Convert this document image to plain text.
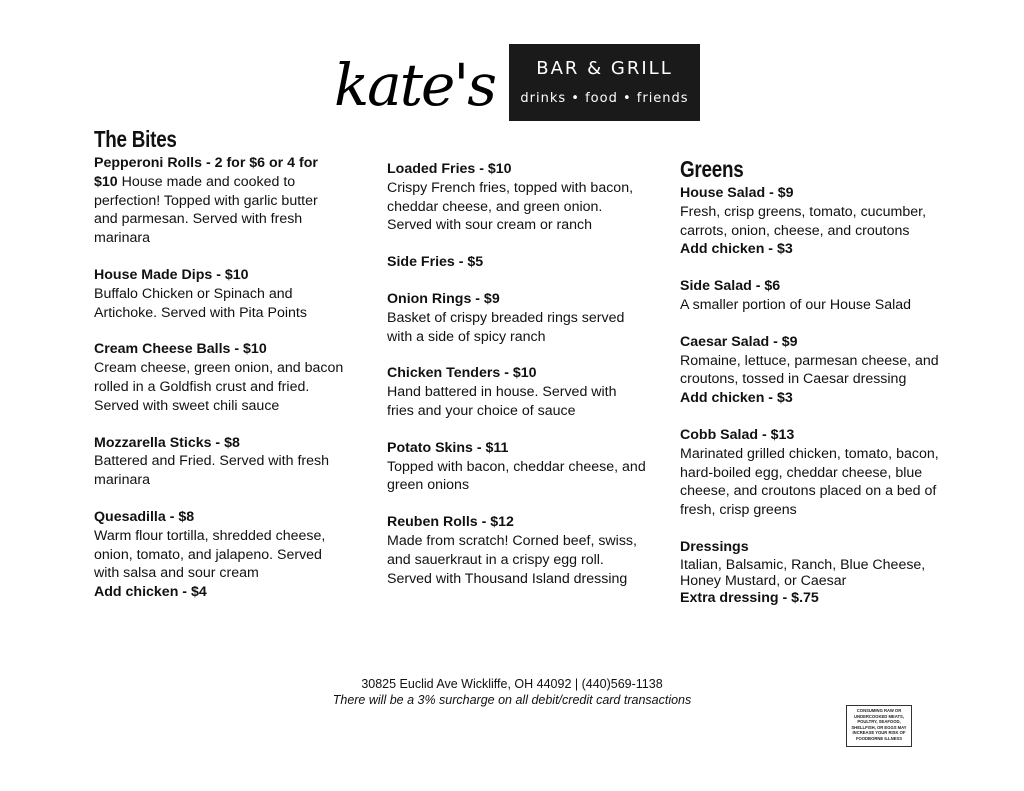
kate's	BAR & GRILL
drinks • food • friends
The Bites
Pepperoni Rolls - 2 for $6 or 4 for $10 House made and cooked to perfection! Topped with garlic butter and parmesan. Served with fresh marinara
House Made Dips - $10
Buffalo Chicken or Spinach and Artichoke. Served with Pita Points
Cream Cheese Balls - $10
Cream cheese, green onion, and bacon rolled in a Goldfish crust and fried. Served with sweet chili sauce
Mozzarella Sticks - $8
Battered and Fried. Served with fresh marinara
Quesadilla - $8
Warm flour tortilla, shredded cheese, onion, tomato, and jalapeno. Served with salsa and sour cream
Add chicken - $4
Loaded Fries - $10
Crispy French fries, topped with bacon, cheddar cheese, and green onion. Served with sour cream or ranch
Side Fries - $5
Onion Rings - $9
Basket of crispy breaded rings served with a side of spicy ranch
Chicken Tenders - $10
Hand battered in house. Served with fries and your choice of sauce
Potato Skins - $11
Topped with bacon, cheddar cheese, and green onions
Reuben Rolls - $12
Made from scratch! Corned beef, swiss, and sauerkraut in a crispy egg roll. Served with Thousand Island dressing
Greens
House Salad - $9
Fresh, crisp greens, tomato, cucumber, carrots, onion, cheese, and croutons
Add chicken - $3
Side Salad - $6
A smaller portion of our House Salad
Caesar Salad - $9
Romaine, lettuce, parmesan cheese, and croutons, tossed in Caesar dressing
Add chicken - $3
Cobb Salad - $13
Marinated grilled chicken, tomato, bacon, hard-boiled egg, cheddar cheese, blue cheese, and croutons placed on a bed of fresh, crisp greens
Dressings
Italian, Balsamic, Ranch, Blue Cheese, Honey Mustard, or Caesar
Extra dressing - $.75
30825 Euclid Ave Wickliffe, OH 44092 | (440)569-1138
There will be a 3% surcharge on all debit/credit card transactions
CONSUMING RAW OR UNDERCOOKED MEATS, POULTRY, SEAFOOD, SHELLFISH, OR EGGS MAY INCREASE YOUR RISK OF FOODBORNE ILLNESS
